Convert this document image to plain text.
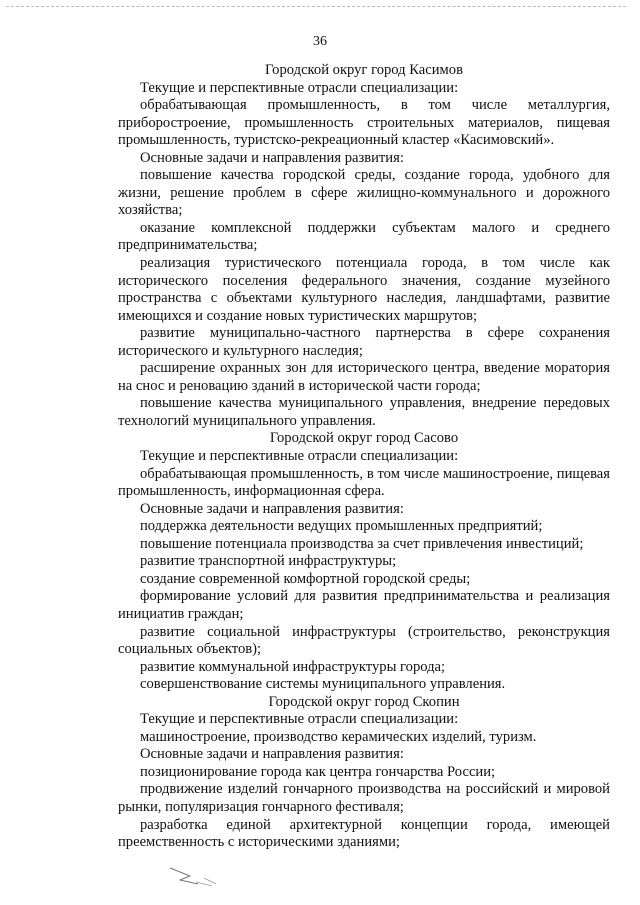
36

Городской округ город Касимов

Текущие и перспективные отрасли специализации:

обрабатывающая промышленность, в том числе металлургия, приборостроение, промышленность строительных материалов, пищевая промышленность, туристско-рекреационный кластер «Касимовский».

Основные задачи и направления развития:

повышение качества городской среды, создание города, удобного для жизни, решение проблем в сфере жилищно-коммунального и дорожного хозяйства;

оказание комплексной поддержки субъектам малого и среднего предпринимательства;

реализация туристического потенциала города, в том числе как исторического поселения федерального значения, создание музейного пространства с объектами культурного наследия, ландшафтами, развитие имеющихся и создание новых туристических маршрутов;

развитие муниципально-частного партнерства в сфере сохранения исторического и культурного наследия;

расширение охранных зон для исторического центра, введение моратория на снос и реновацию зданий в исторической части города;

повышение качества муниципального управления, внедрение передовых технологий муниципального управления.

Городской округ город Сасово

Текущие и перспективные отрасли специализации:

обрабатывающая промышленность, в том числе машиностроение, пищевая промышленность, информационная сфера.

Основные задачи и направления развития:

поддержка деятельности ведущих промышленных предприятий;

повышение потенциала производства за счет привлечения инвестиций;

развитие транспортной инфраструктуры;

создание современной комфортной городской среды;

формирование условий для развития предпринимательства и реализация инициатив граждан;

развитие социальной инфраструктуры (строительство, реконструкция социальных объектов);

развитие коммунальной инфраструктуры города;

совершенствование системы муниципального управления.

Городской округ город Скопин

Текущие и перспективные отрасли специализации:

машиностроение, производство керамических изделий, туризм.

Основные задачи и направления развития:

позиционирование города как центра гончарства России;

продвижение изделий гончарного производства на российский и мировой рынки, популяризация гончарного фестиваля;

разработка единой архитектурной концепции города, имеющей преемственность с историческими зданиями;
